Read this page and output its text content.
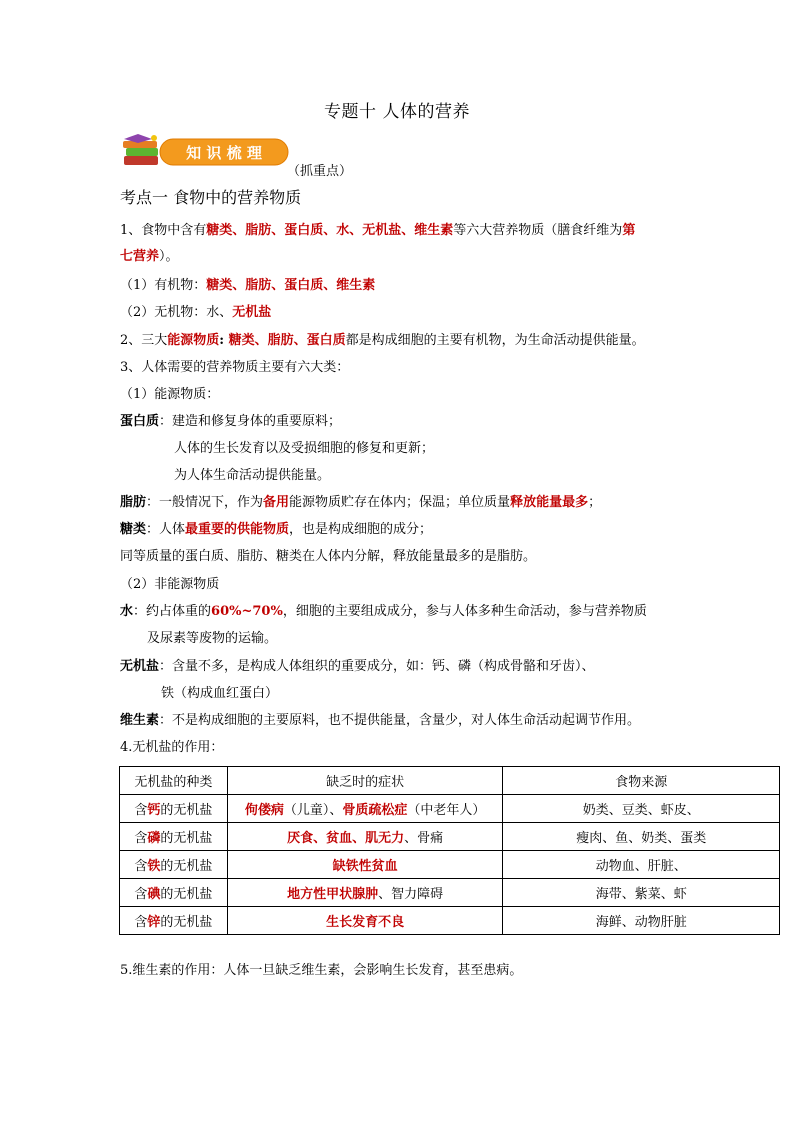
专题十 人体的营养
知 识 梳 理
（抓重点）
考点一 食物中的营养物质
1、食物中含有糖类、脂肪、蛋白质、水、无机盐、维生素等六大营养物质（膳食纤维为第
七营养）。
（1）有机物：糖类、脂肪、蛋白质、维生素
（2）无机物：水、无机盐
2、三大能源物质: 糖类、脂肪、蛋白质都是构成细胞的主要有机物，为生命活动提供能量。
3、人体需要的营养物质主要有六大类：
（1）能源物质：
蛋白质：建造和修复身体的重要原料；
人体的生长发育以及受损细胞的修复和更新；
为人体生命活动提供能量。
脂肪：一般情况下，作为备用能源物质贮存在体内；保温；单位质量释放能量最多；
糖类：人体最重要的供能物质，也是构成细胞的成分；
同等质量的蛋白质、脂肪、糖类在人体内分解，释放能量最多的是脂肪。
（2）非能源物质
水：约占体重的60%~70%，细胞的主要组成成分，参与人体多种生命活动，参与营养物质
及尿素等废物的运输。
无机盐：含量不多，是构成人体组织的重要成分，如：钙、磷（构成骨骼和牙齿）、
铁（构成血红蛋白）
维生素：不是构成细胞的主要原料，也不提供能量，含量少，对人体生命活动起调节作用。
4.无机盐的作用：
无机盐的种类	缺乏时的症状	食物来源
含钙的无机盐	佝偻病（儿童）、骨质疏松症（中老年人）	奶类、豆类、虾皮、
含磷的无机盐	厌食、贫血、肌无力、骨痛	瘦肉、鱼、奶类、蛋类
含铁的无机盐	缺铁性贫血	动物血、肝脏、
含碘的无机盐	地方性甲状腺肿、智力障碍	海带、紫菜、虾
含锌的无机盐	生长发育不良	海鲜、动物肝脏
5.维生素的作用：人体一旦缺乏维生素，会影响生长发育，甚至患病。
